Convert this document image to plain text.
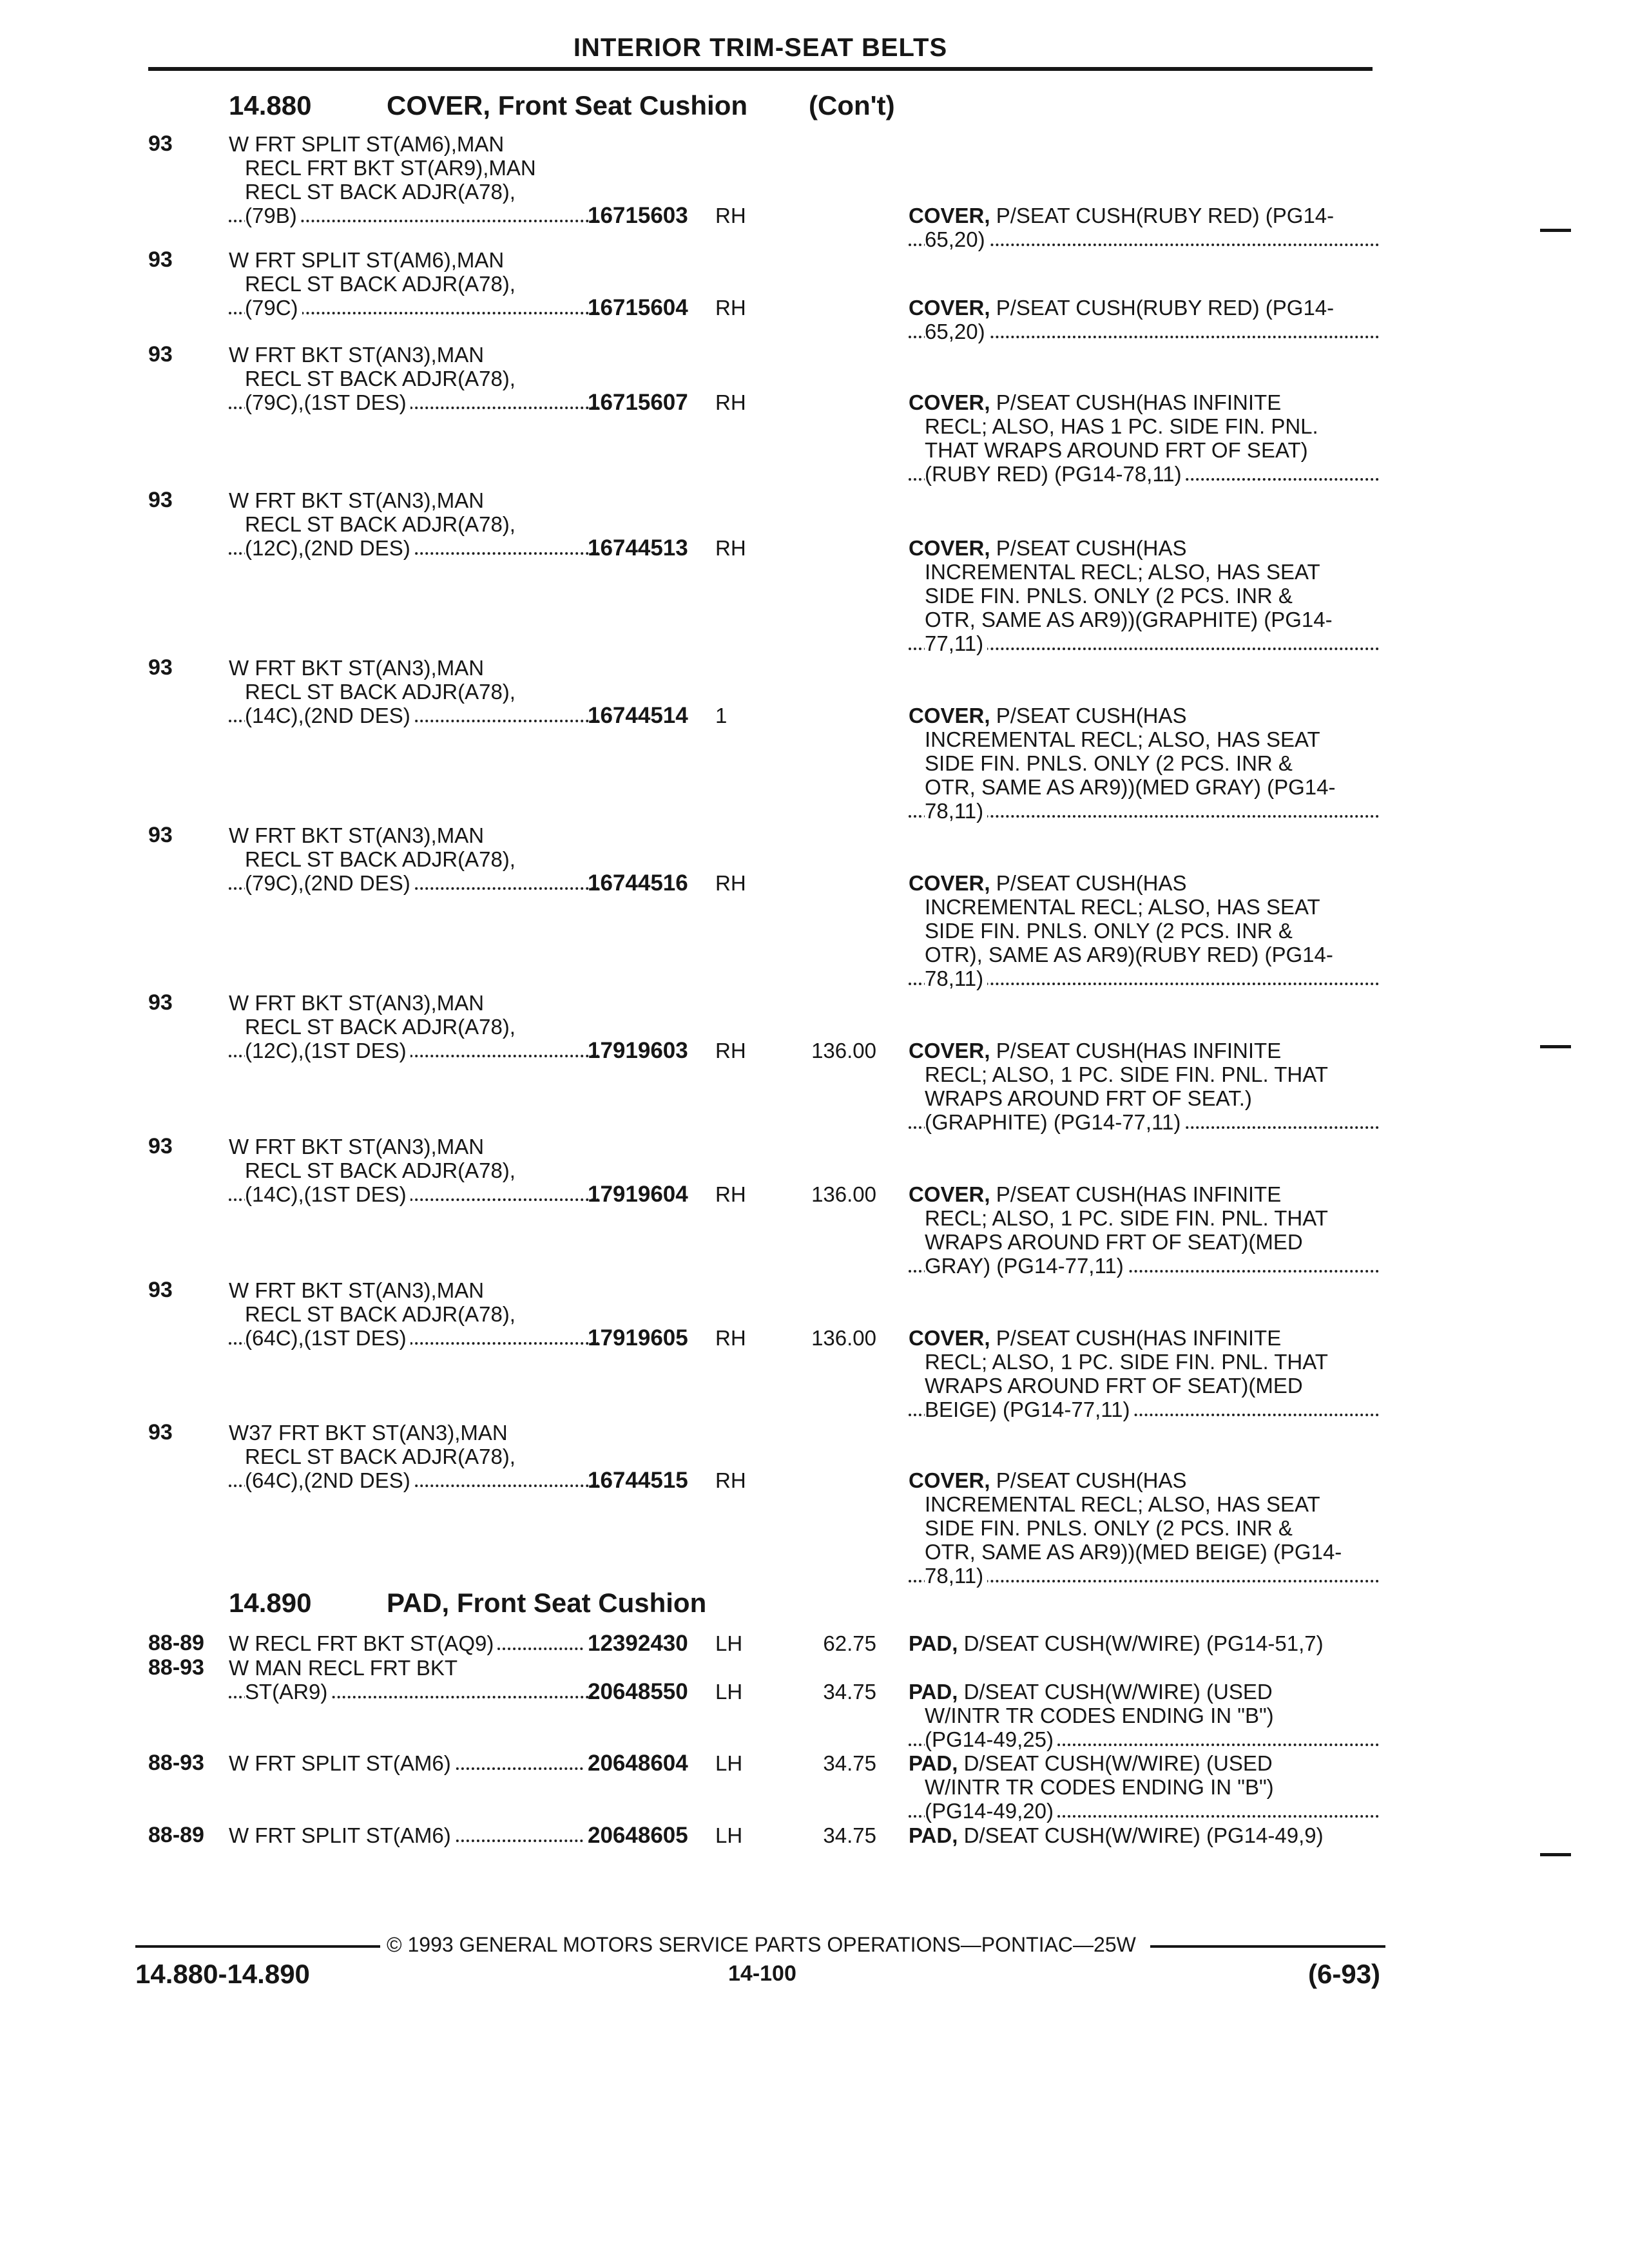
INTERIOR TRIM-SEAT BELTS
14.880	COVER, Front Seat Cushion (Con't)
14.890	PAD, Front Seat Cushion
93	W FRT SPLIT ST(AM6),MAN
RECL FRT BKT ST(AR9),MAN
RECL ST BACK ADJR(A78),
(79B)	16715603 RH	COVER, P/SEAT CUSH(RUBY RED) (PG14-
65,20)
93	W FRT SPLIT ST(AM6),MAN
RECL ST BACK ADJR(A78),
(79C)	16715604 RH	COVER, P/SEAT CUSH(RUBY RED) (PG14-
65,20)
93	W FRT BKT ST(AN3),MAN
RECL ST BACK ADJR(A78),
(79C),(1ST DES)	16715607 RH	COVER, P/SEAT CUSH(HAS INFINITE
RECL; ALSO, HAS 1 PC. SIDE FIN. PNL.
THAT WRAPS AROUND FRT OF SEAT)
(RUBY RED) (PG14-78,11)
93	W FRT BKT ST(AN3),MAN
RECL ST BACK ADJR(A78),
(12C),(2ND DES)	16744513 RH	COVER, P/SEAT CUSH(HAS
INCREMENTAL RECL; ALSO, HAS SEAT
SIDE FIN. PNLS. ONLY (2 PCS. INR &
OTR, SAME AS AR9))(GRAPHITE) (PG14-
77,11)
93	W FRT BKT ST(AN3),MAN
RECL ST BACK ADJR(A78),
(14C),(2ND DES)	16744514 1	COVER, P/SEAT CUSH(HAS
INCREMENTAL RECL; ALSO, HAS SEAT
SIDE FIN. PNLS. ONLY (2 PCS. INR &
OTR, SAME AS AR9))(MED GRAY) (PG14-
78,11)
93	W FRT BKT ST(AN3),MAN
RECL ST BACK ADJR(A78),
(79C),(2ND DES)	16744516 RH	COVER, P/SEAT CUSH(HAS
INCREMENTAL RECL; ALSO, HAS SEAT
SIDE FIN. PNLS. ONLY (2 PCS. INR &
OTR), SAME AS AR9)(RUBY RED) (PG14-
78,11)
93	W FRT BKT ST(AN3),MAN
RECL ST BACK ADJR(A78),
(12C),(1ST DES)	17919603 RH	136.00 COVER, P/SEAT CUSH(HAS INFINITE
RECL; ALSO, 1 PC. SIDE FIN. PNL. THAT
WRAPS AROUND FRT OF SEAT.)
(GRAPHITE) (PG14-77,11)
93	W FRT BKT ST(AN3),MAN
RECL ST BACK ADJR(A78),
(14C),(1ST DES)	17919604 RH	136.00 COVER, P/SEAT CUSH(HAS INFINITE
RECL; ALSO, 1 PC. SIDE FIN. PNL. THAT
WRAPS AROUND FRT OF SEAT)(MED
GRAY) (PG14-77,11)
93	W FRT BKT ST(AN3),MAN
RECL ST BACK ADJR(A78),
(64C),(1ST DES)	17919605 RH	136.00 COVER, P/SEAT CUSH(HAS INFINITE
RECL; ALSO, 1 PC. SIDE FIN. PNL. THAT
WRAPS AROUND FRT OF SEAT)(MED
BEIGE) (PG14-77,11)
93	W37 FRT BKT ST(AN3),MAN
RECL ST BACK ADJR(A78),
(64C),(2ND DES)	16744515 RH	COVER, P/SEAT CUSH(HAS
INCREMENTAL RECL; ALSO, HAS SEAT
SIDE FIN. PNLS. ONLY (2 PCS. INR &
OTR, SAME AS AR9))(MED BEIGE) (PG14-
78,11)
88-89 W RECL FRT BKT ST(AQ9)	12392430 LH	62.75 PAD, D/SEAT CUSH(W/WIRE) (PG14-51,7)
88-93 W MAN RECL FRT BKT
ST(AR9)	20648550 LH	34.75 PAD, D/SEAT CUSH(W/WIRE) (USED
W/INTR TR CODES ENDING IN "B")
(PG14-49,25)
88-93 W FRT SPLIT ST(AM6)	20648604 LH	34.75 PAD, D/SEAT CUSH(W/WIRE) (USED
W/INTR TR CODES ENDING IN "B")
(PG14-49,20)
88-89 W FRT SPLIT ST(AM6)	20648605 LH	34.75 PAD, D/SEAT CUSH(W/WIRE) (PG14-49,9)
© 1993 GENERAL MOTORS SERVICE PARTS OPERATIONS—PONTIAC—25W
14.880-14.890	14-100	(6-93)
